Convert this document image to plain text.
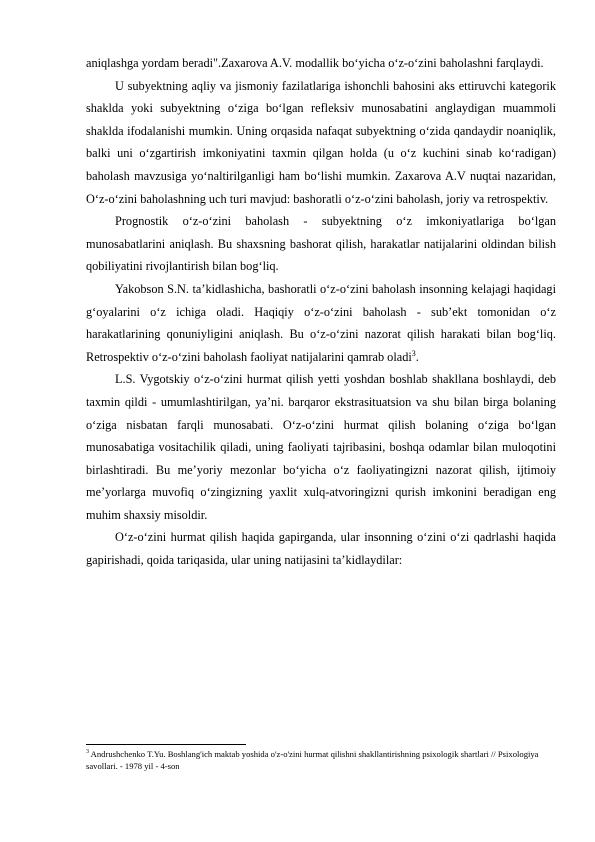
aniqlashga yordam beradi".Zaxarova A.V. modallik bo‘yicha o‘z-o‘zini baholashni farqlaydi.

U subyektning aqliy va jismoniy fazilatlariga ishonchli bahosini aks ettiruvchi kategorik shaklda yoki subyektning o‘ziga bo‘lgan refleksiv munosabatini anglaydigan muammoli shaklda ifodalanishi mumkin. Uning orqasida nafaqat subyektning o‘zida qandaydir noaniqlik, balki uni o‘zgartirish imkoniyatini taxmin qilgan holda (u o‘z kuchini sinab ko‘radigan) baholash mavzusiga yo‘naltirilganligi ham bo‘lishi mumkin. Zaxarova A.V nuqtai nazaridan, O‘z-o‘zini baholashning uch turi mavjud: bashoratli o‘z-o‘zini baholash, joriy va retrospektiv.

Prognostik o‘z-o‘zini baholash - subyektning o‘z imkoniyatlariga bo‘lgan munosabatlarini aniqlash. Bu shaxsning bashorat qilish, harakatlar natijalarini oldindan bilish qobiliyatini rivojlantirish bilan bog‘liq.

Yakobson S.N. ta’kidlashicha, bashoratli o‘z-o‘zini baholash insonning kelajagi haqidagi g‘oyalarini o‘z ichiga oladi. Haqiqiy o‘z-o‘zini baholash - sub’ekt tomonidan o‘z harakatlarining qonuniyligini aniqlash. Bu o‘z-o‘zini nazorat qilish harakati bilan bog‘liq. Retrospektiv o‘z-o‘zini baholash faoliyat natijalarini qamrab oladi$^3$.

L.S. Vygotskiy o‘z-o‘zini hurmat qilish yetti yoshdan boshlab shakllana boshlaydi, deb taxmin qildi - umumlashtirilgan, ya’ni. barqaror ekstrasituatsion va shu bilan birga bolaning o‘ziga nisbatan farqli munosabati. O‘z-o‘zini hurmat qilish bolaning o‘ziga bo‘lgan munosabatiga vositachilik qiladi, uning faoliyati tajribasini, boshqa odamlar bilan muloqotini birlashtiradi. Bu me’yoriy mezonlar bo‘yicha o‘z faoliyatingizni nazorat qilish, ijtimoiy me’yorlarga muvofiq o‘zingizning yaxlit xulq-atvoringizni qurish imkonini beradigan eng muhim shaxsiy misoldir.

O‘z-o‘zini hurmat qilish haqida gapirganda, ular insonning o‘zini o‘zi qadrlashi haqida gapirishadi, qoida tariqasida, ular uning natijasini ta’kidlaydilar:

$^3$ Andrushchenko T.Yu. Boshlang'ich maktab yoshida o'z-o'zini hurmat qilishni shakllantirishning psixologik shartlari // Psixologiya savollari. - 1978 yil - 4-son
